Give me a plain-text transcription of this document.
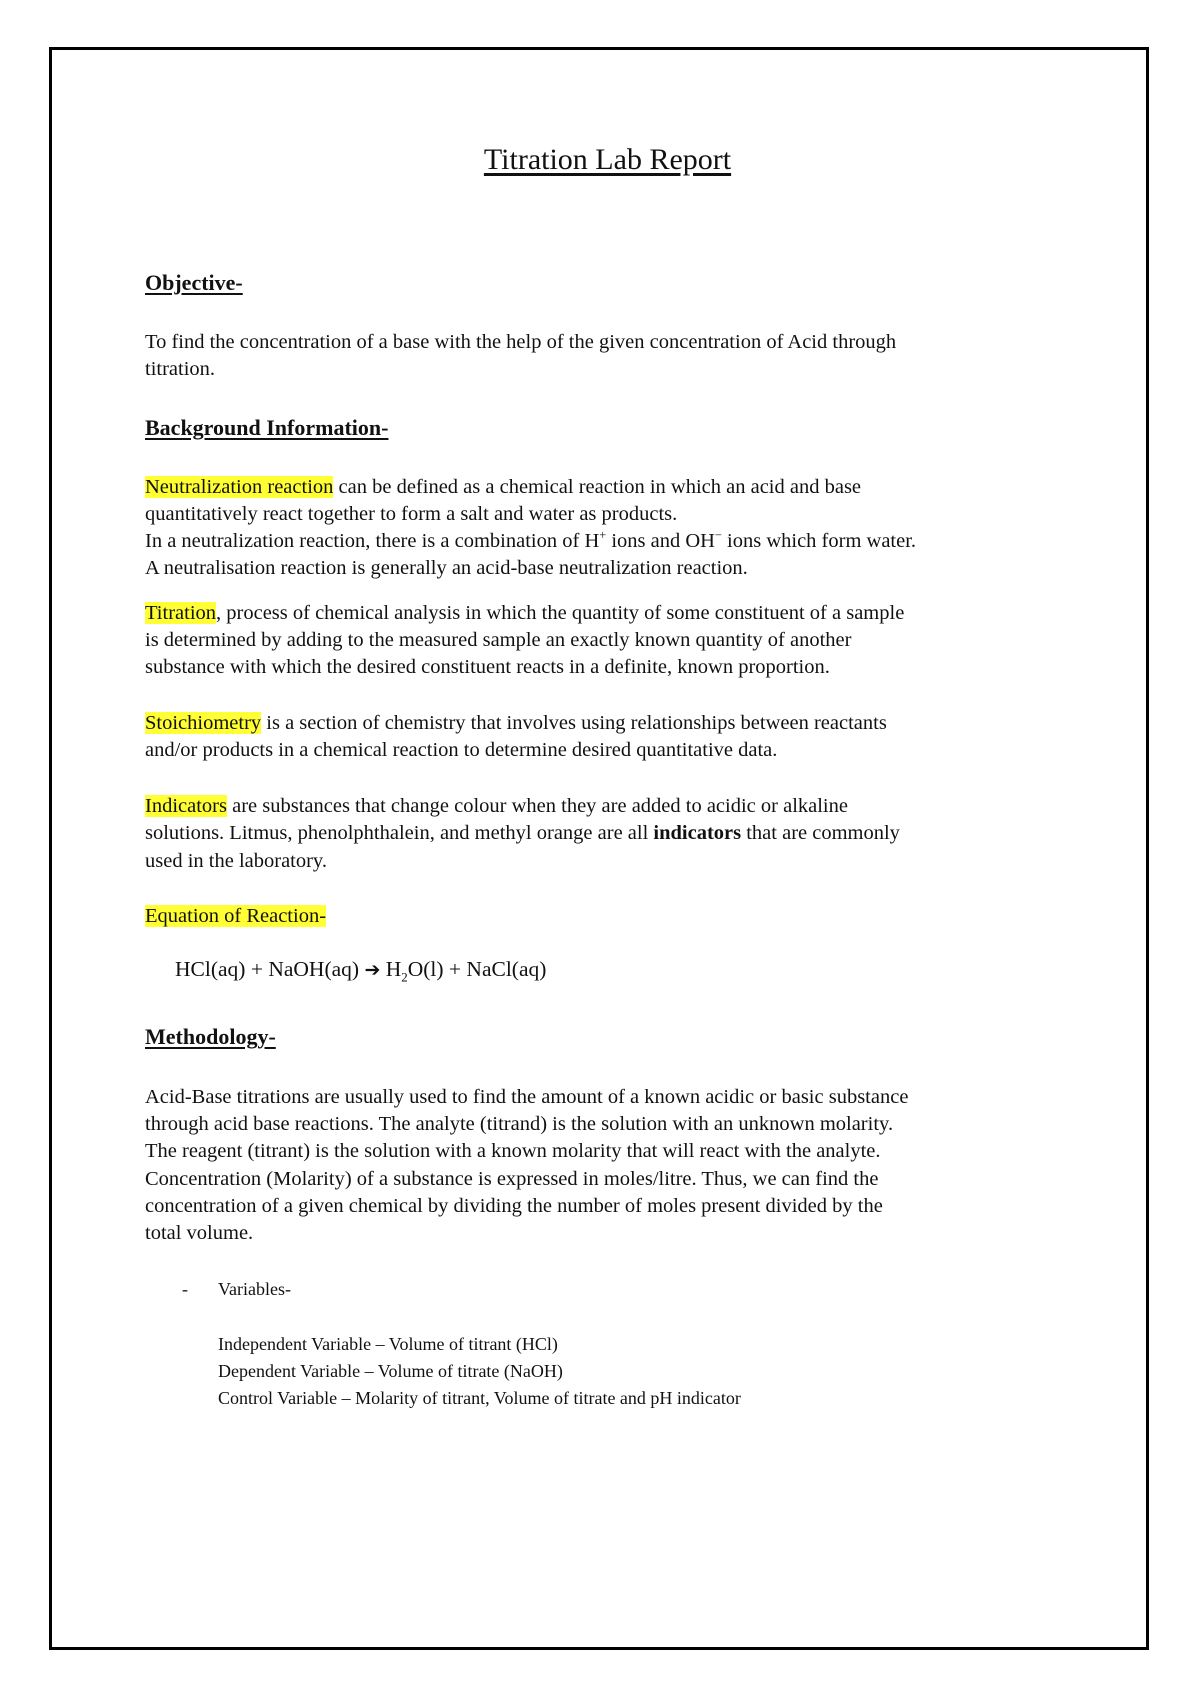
Titration Lab Report
Objective-
To find the concentration of a base with the help of the given concentration of Acid through
titration.
Background Information-
Neutralization reaction can be defined as a chemical reaction in which an acid and base
quantitatively react together to form a salt and water as products.
In a neutralization reaction, there is a combination of H+ ions and OH− ions which form water.
A neutralisation reaction is generally an acid-base neutralization reaction.
Titration, process of chemical analysis in which the quantity of some constituent of a sample
is determined by adding to the measured sample an exactly known quantity of another
substance with which the desired constituent reacts in a definite, known proportion.
Stoichiometry is a section of chemistry that involves using relationships between reactants
and/or products in a chemical reaction to determine desired quantitative data.
Indicators are substances that change colour when they are added to acidic or alkaline
solutions. Litmus, phenolphthalein, and methyl orange are all indicators that are commonly
used in the laboratory.
Equation of Reaction-
HCl(aq) + NaOH(aq) ➔ $H_2O(l)$ + NaCl(aq)
Methodology-
Acid-Base titrations are usually used to find the amount of a known acidic or basic substance
through acid base reactions. The analyte (titrand) is the solution with an unknown molarity.
The reagent (titrant) is the solution with a known molarity that will react with the analyte.
Concentration (Molarity) of a substance is expressed in moles/litre. Thus, we can find the
concentration of a given chemical by dividing the number of moles present divided by the
total volume.
- Variables-
Independent Variable – Volume of titrant (HCl)
Dependent Variable – Volume of titrate (NaOH)
Control Variable – Molarity of titrant, Volume of titrate and pH indicator
